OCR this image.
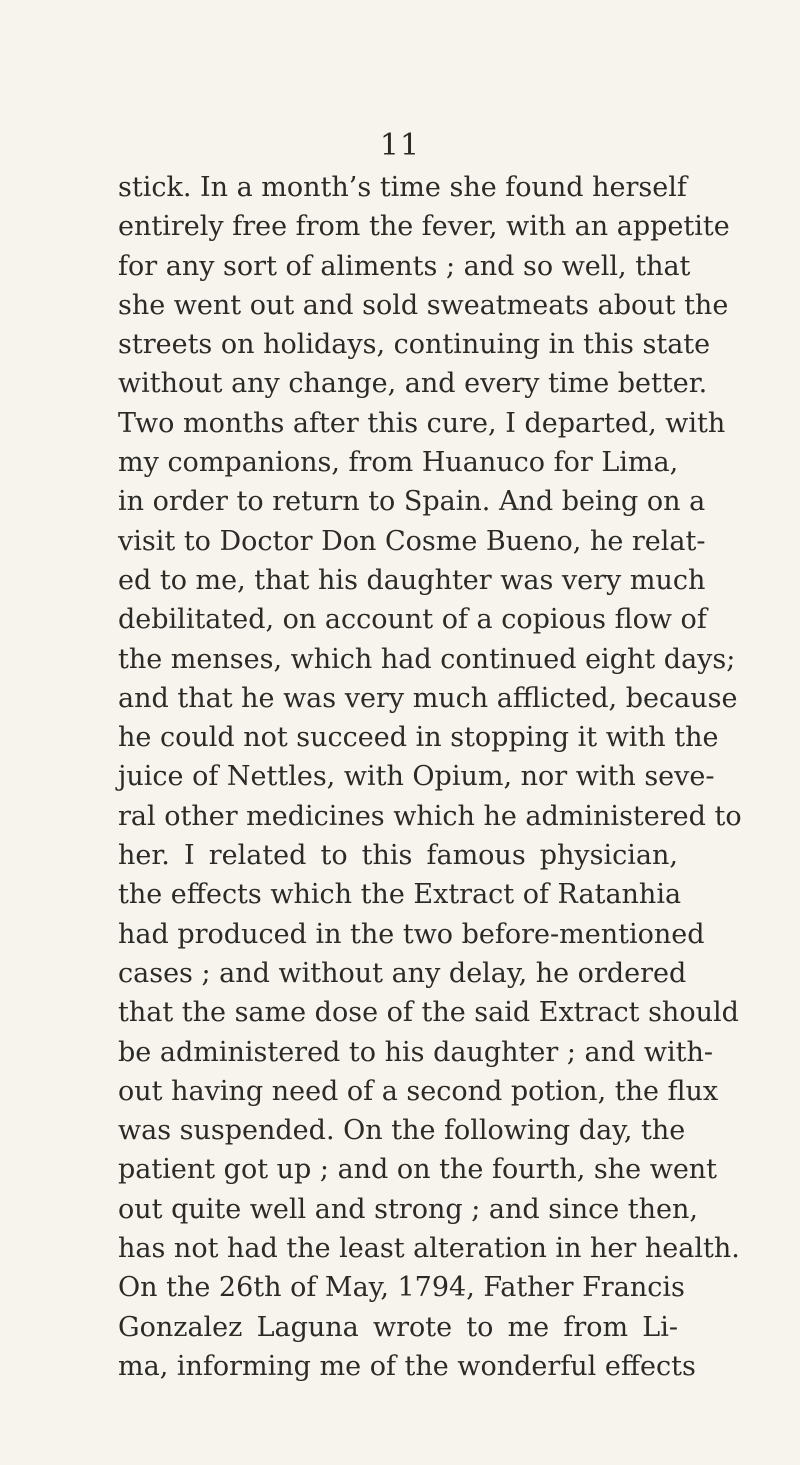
11
stick. In a month’s time she found herself
entirely free from the fever, with an appetite
for any sort of aliments ; and so well, that
she went out and sold sweatmeats about the
streets on holidays, continuing in this state
without any change, and every time better.
Two months after this cure, I departed, with
my companions, from Huanuco for Lima,
in order to return to Spain. And being on a
visit to Doctor Don Cosme Bueno, he relat-
ed to me, that his daughter was very much
debilitated, on account of a copious flow of
the menses, which had continued eight days;
and that he was very much afflicted, because
he could not succeed in stopping it with the
juice of Nettles, with Opium, nor with seve-
ral other medicines which he administered to
her. I related to this famous physician,
the effects which the Extract of Ratanhia
had produced in the two before-mentioned
cases ; and without any delay, he ordered
that the same dose of the said Extract should
be administered to his daughter ; and with-
out having need of a second potion, the flux
was suspended. On the following day, the
patient got up ; and on the fourth, she went
out quite well and strong ; and since then,
has not had the least alteration in her health.
On the 26th of May, 1794, Father Francis
Gonzalez Laguna wrote to me from Li-
ma, informing me of the wonderful effects
